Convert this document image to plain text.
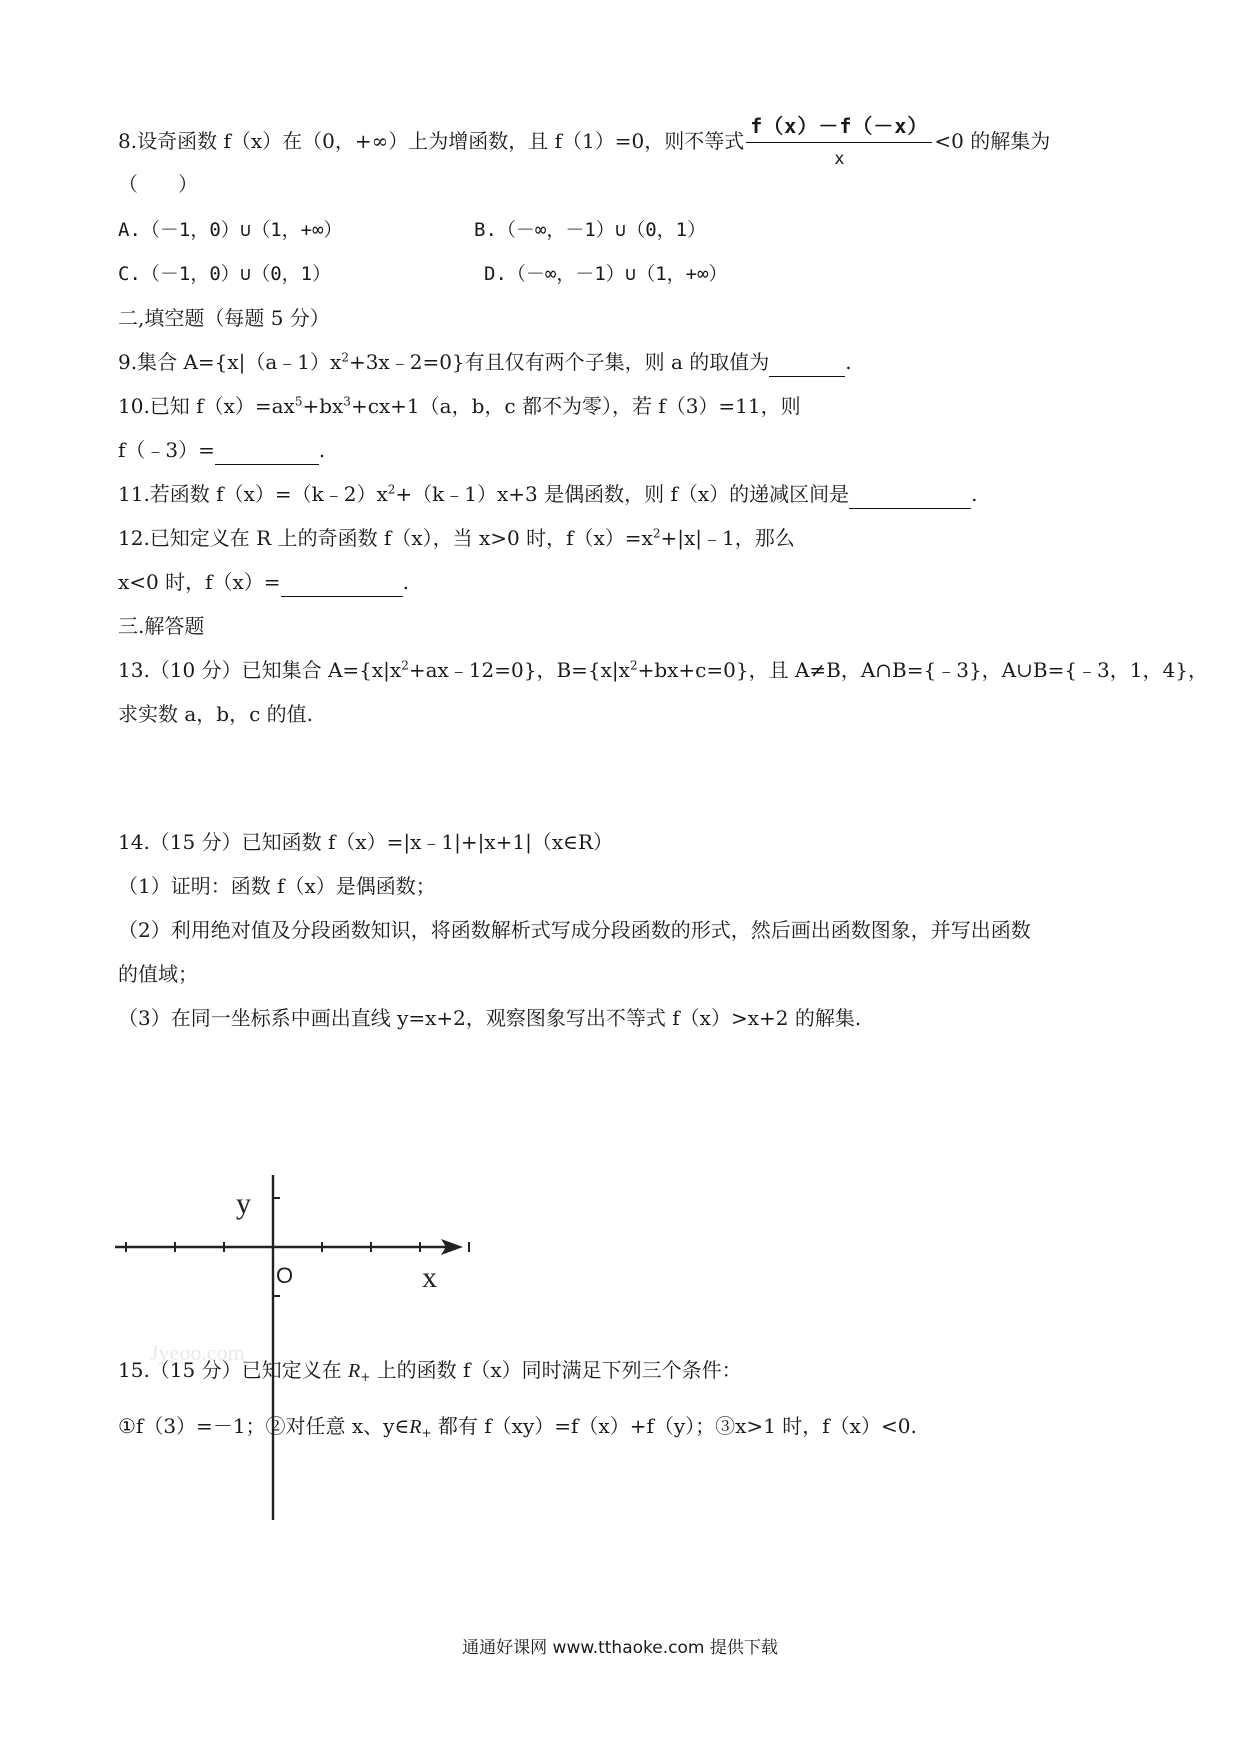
8.设奇函数 f（x）在（0，+∞）上为增函数，且 f（1）=0，则不等式 $\frac{f(x)-f(-x)}{x} <0$ 的解集为
（　　）
A.（－1，0）∪（1，+∞）	B.（－∞，－1）∪（0，1）
C.（－1，0）∪（0，1）	D.（－∞，－1）∪（1，+∞）
二,填空题（每题 5 分）
9.集合 $A=\{x|(a﹣1)x^2+3x﹣2=0\}$有且仅有两个子集，则 a 的取值为	.
10.已知 $f(x)=ax^5+bx^3+cx+1(a$，b，c 都不为零），若 f（3）=11，则
f（﹣3）=	.
11.若函数 $f(x)=(k﹣2)x^2+(k﹣1)x+3$ 是偶函数，则 f（x）的递减区间是	.
12.已知定义在 R 上的奇函数 f（x），当 x>0 时，$f(x)=x^2+|x|﹣1$，那么
x<0 时，f（x）=	.
三.解答题
13.（10 分）已知集合 $A=\{x|x^2+ax﹣12=0\}$，$B=\{x|x^2+bx+c=0\}$，且 A≠B，A∩B={﹣3}，A∪B={﹣3，1，4}，
求实数 a，b，c 的值.
14.（15 分）已知函数 f（x）=|x﹣1|+|x+1|（x∈R）
（1）证明：函数 f（x）是偶函数；
（2）利用绝对值及分段函数知识，将函数解析式写成分段函数的形式，然后画出函数图象，并写出函数
的值域；
（3）在同一坐标系中画出直线 y=x+2，观察图象写出不等式 f（x）>x+2 的解集.
Jyeoo.com
y
x
O
15.（15 分）已知定义在 $R_+$ 上的函数 f（x）同时满足下列三个条件：
①f（3）=－1；②对任意 x、$y\in R_+$ 都有 f（xy）=f（x）+f（y）；③x>1 时，f（x）<0.
通通好课网 www.tthaoke.com 提供下载
